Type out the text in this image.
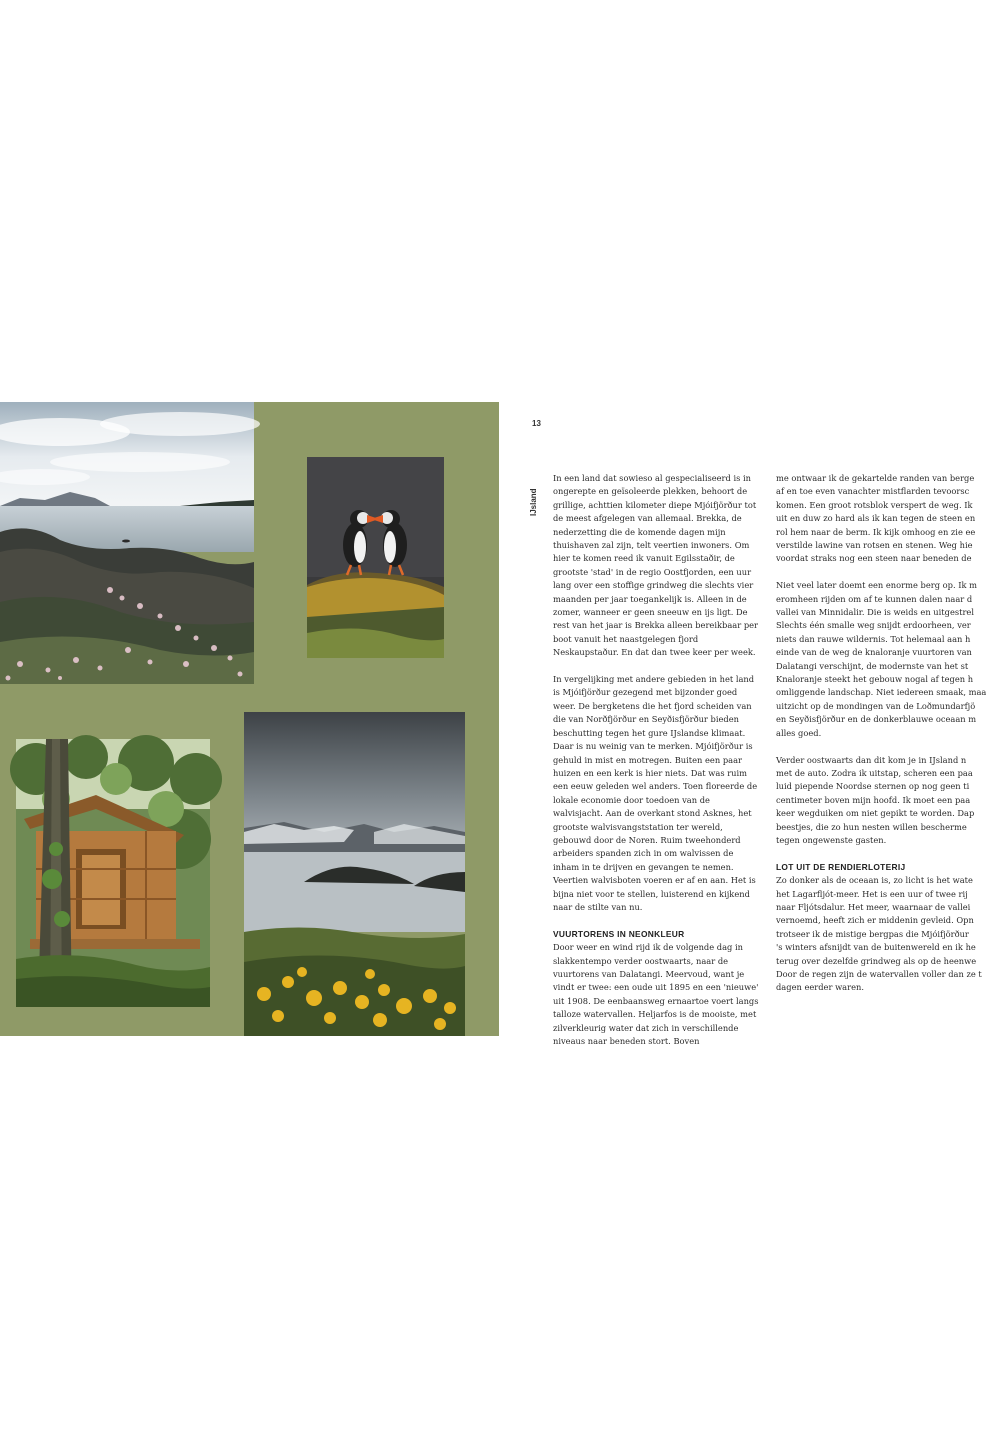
13
IJsland

In een land dat sowieso al gespecialiseerd is in ongerepte en geïsoleerde plekken, behoort de grillige, achttien kilometer diepe Mjóifjörður tot de meest afgelegen van allemaal. Brekka, de nederzetting die de komende dagen mijn thuishaven zal zijn, telt veertien inwoners. Om hier te komen reed ik vanuit Egilsstaðir, de grootste 'stad' in de regio Oostfjorden, een uur lang over een stoffige grindweg die slechts vier maanden per jaar toegankelijk is. Alleen in de zomer, wanneer er geen sneeuw en ijs ligt. De rest van het jaar is Brekka alleen bereikbaar per boot vanuit het naastgelegen fjord Neskaupstaður. En dat dan twee keer per week.

In vergelijking met andere gebieden in het land is Mjóifjörður gezegend met bijzonder goed weer. De bergketens die het fjord scheiden van die van Norðfjörður en Seyðisfjörður bieden beschutting tegen het gure IJslandse klimaat. Daar is nu weinig van te merken. Mjóifjörður is gehuld in mist en motregen. Buiten een paar huizen en een kerk is hier niets. Dat was ruim een eeuw geleden wel anders. Toen floreerde de lokale economie door toedoen van de walvisjacht. Aan de overkant stond Asknes, het grootste walvisvangststation ter wereld, gebouwd door de Noren. Ruim tweehonderd arbeiders spanden zich in om walvissen de inham in te drijven en gevangen te nemen. Veertien walvisboten voeren er af en aan. Het is bijna niet voor te stellen, luisterend en kijkend naar de stilte van nu.

VUURTORENS IN NEONKLEUR

Door weer en wind rijd ik de volgende dag in slakkentempo verder oostwaarts, naar de vuurtorens van Dalatangi. Meervoud, want je vindt er twee: een oude uit 1895 en een 'nieuwe' uit 1908. De eenbaansweg ernaartoe voert langs talloze watervallen. Heljarfos is de mooiste, met zilverkleurig water dat zich in verschillende niveaus naar beneden stort. Boven

me ontwaar ik de gekartelde randen van berge
af en toe even vanachter mistflarden tevoorsc
komen. Een groot rotsblok verspert de weg. Ik
uit en duw zo hard als ik kan tegen de steen en
rol hem naar de berm. Ik kijk omhoog en zie ee
verstilde lawine van rotsen en stenen. Weg hie
voordat straks nog een steen naar beneden de
Niet veel later doemt een enorme berg op. Ik m
eromheen rijden om af te kunnen dalen naar d
vallei van Minnidalir. Die is weids en uitgestrel
Slechts één smalle weg snijdt erdoorheen, ver
niets dan rauwe wildernis. Tot helemaal aan h
einde van de weg de knaloranje vuurtoren van
Dalatangi verschijnt, de modernste van het st
Knaloranje steekt het gebouw nogal af tegen h
omliggende landschap. Niet iedereen smaak, maa
uitzicht op de mondingen van de Loðmundarfjö
en Seyðisfjörður en de donkerblauwe oceaan m
alles goed.
Verder oostwaarts dan dit kom je in IJsland n
met de auto. Zodra ik uitstap, scheren een paa
luid piepende Noordse sternen op nog geen ti
centimeter boven mijn hoofd. Ik moet een paa
keer wegduiken om niet gepikt te worden. Dap
beestjes, die zo hun nesten willen bescherme
tegen ongewenste gasten.
LOT UIT DE RENDIERLOTERIJ
Zo donker als de oceaan is, zo licht is het wate
het Lagarfljót-meer. Het is een uur of twee rij
naar Fljótsdalur. Het meer, waarnaar de vallei
vernoemd, heeft zich er middenin gevleid. Opn
trotseer ik de mistige bergpas die Mjóifjörður
's winters afsnijdt van de buitenwereld en ik he
terug over dezelfde grindweg als op de heenwe
Door de regen zijn de watervallen voller dan ze t
dagen eerder waren.
